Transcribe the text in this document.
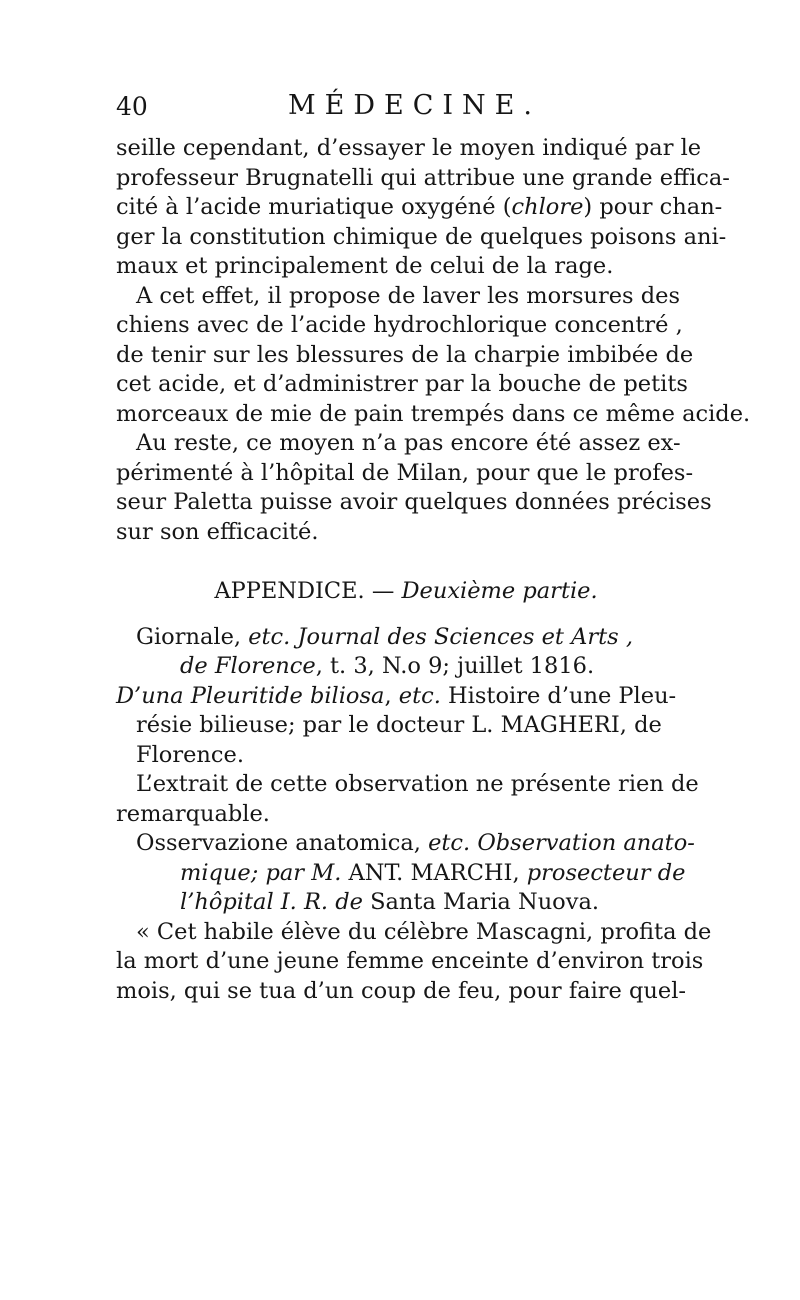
40	MÉDECINE.
seille cependant, d’essayer le moyen indiqué par le
professeur Brugnatelli qui attribue une grande effica-
cité à l’acide muriatique oxygéné (chlore) pour chan-
ger la constitution chimique de quelques poisons ani-
maux et principalement de celui de la rage.
A cet effet, il propose de laver les morsures des
chiens avec de l’acide hydrochlorique concentré ,
de tenir sur les blessures de la charpie imbibée de
cet acide, et d’administrer par la bouche de petits
morceaux de mie de pain trempés dans ce même acide.
Au reste, ce moyen n’a pas encore été assez ex-
périmenté à l’hôpital de Milan, pour que le profes-
seur Paletta puisse avoir quelques données précises
sur son efficacité.
APPENDICE. — Deuxième partie.
Giornale, etc. Journal des Sciences et Arts ,
de Florence, t. 3, N.o 9; juillet 1816.
D’una Pleuritide biliosa, etc. Histoire d’une Pleu-
résie bilieuse; par le docteur L. MAGHERI, de
Florence.
L’extrait de cette observation ne présente rien de
remarquable.
Osservazione anatomica, etc. Observation anato-
mique; par M. ANT. MARCHI, prosecteur de
l’hôpital I. R. de Santa Maria Nuova.
« Cet habile élève du célèbre Mascagni, profita de
la mort d’une jeune femme enceinte d’environ trois
mois, qui se tua d’un coup de feu, pour faire quel-
